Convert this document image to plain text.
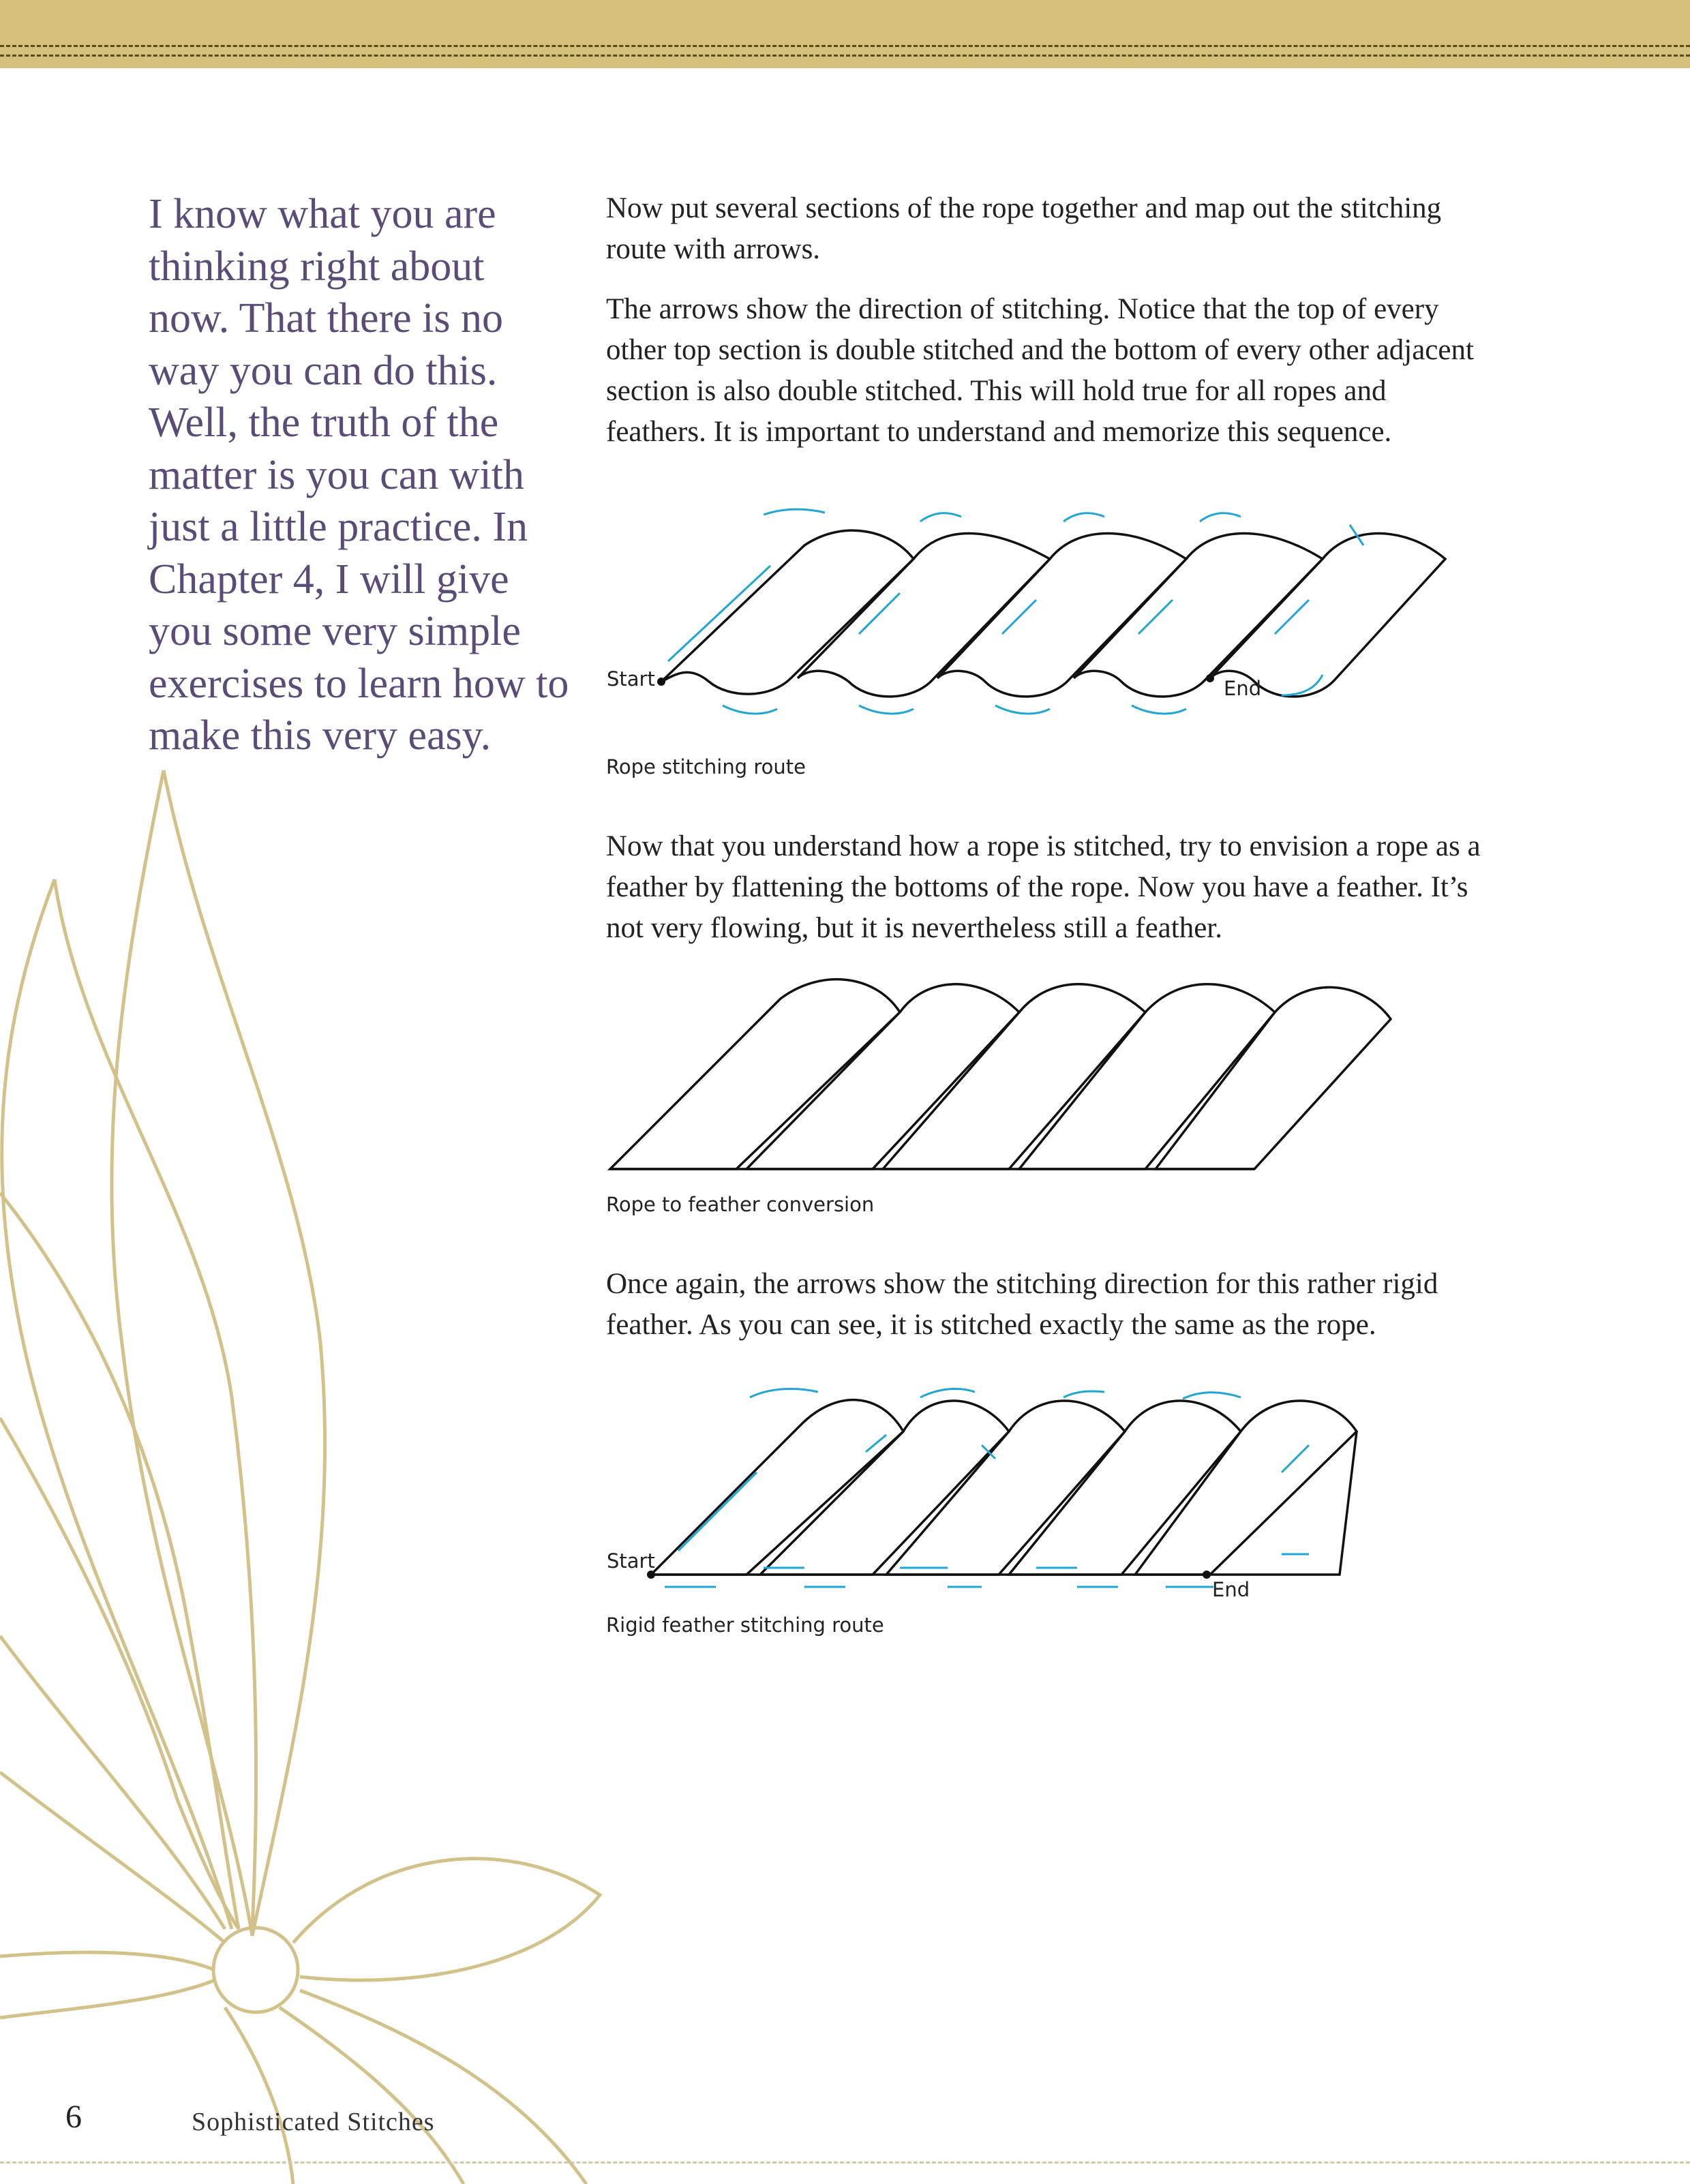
I know what you are thinking right about now. That there is no way you can do this. Well, the truth of the matter is you can with just a little practice. In Chapter 4, I will give you some very simple exercises to learn how to make this very easy.

Now put several sections of the rope together and map out the stitching route with arrows.

The arrows show the direction of stitching. Notice that the top of every other top section is double stitched and the bottom of every other adjacent section is also double stitched. This will hold true for all ropes and feathers. It is important to understand and memorize this sequence.

Start	End
Rope stitching route

Now that you understand how a rope is stitched, try to envision a rope as a feather by flattening the bottoms of the rope. Now you have a feather. It’s not very flowing, but it is nevertheless still a feather.

Rope to feather conversion

Once again, the arrows show the stitching direction for this rather rigid feather. As you can see, it is stitched exactly the same as the rope.

Start
End
Rigid feather stitching route
6	Sophisticated Stitches
